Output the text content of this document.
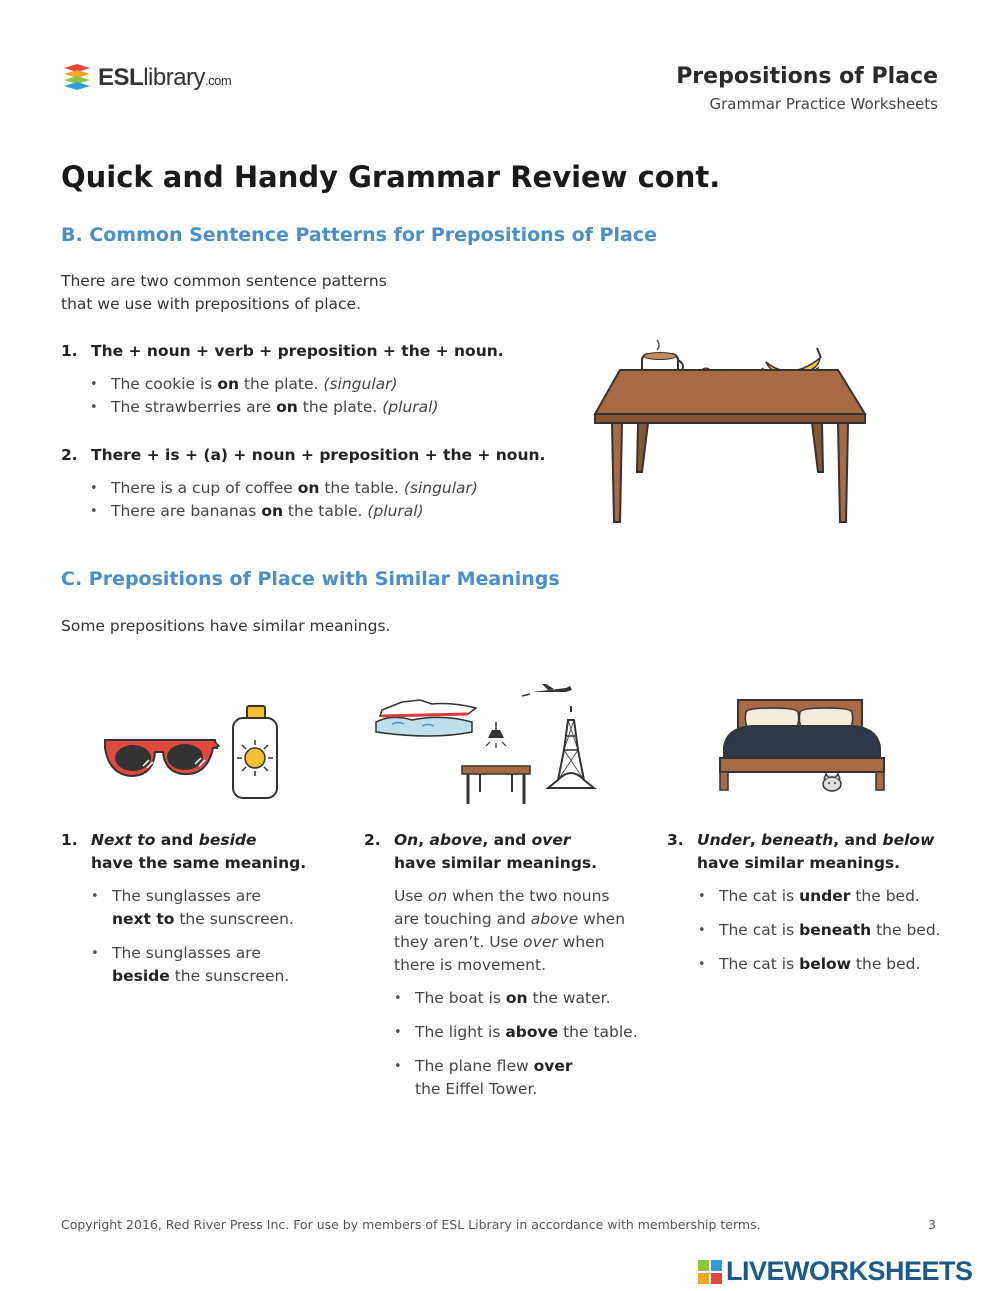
ESLlibrary.com	Prepositions of Place
Grammar Practice Worksheets
Quick and Handy Grammar Review cont.
B. Common Sentence Patterns for Prepositions of Place
There are two common sentence patterns
that we use with prepositions of place.
1. The + noun + verb + preposition + the + noun.
• The cookie is on the plate. (singular)
• The strawberries are on the plate. (plural)
2. There + is + (a) + noun + preposition + the + noun.
• There is a cup of coffee on the table. (singular)
• There are bananas on the table. (plural)
C. Prepositions of Place with Similar Meanings
Some prepositions have similar meanings.
1. Next to and beside
have the same meaning.
• The sunglasses are
next to the sunscreen.
• The sunglasses are
beside the sunscreen.
2. On, above, and over
have similar meanings.
Use on when the two nouns
are touching and above when
they aren’t. Use over when
there is movement.
• The boat is on the water.
• The light is above the table.
• The plane flew over
the Eiffel Tower.
3. Under, beneath, and below
have similar meanings.
• The cat is under the bed.
• The cat is beneath the bed.
• The cat is below the bed.
Copyright 2016, Red River Press Inc. For use by members of ESL Library in accordance with membership terms.	3
LIVEWORKSHEETS
